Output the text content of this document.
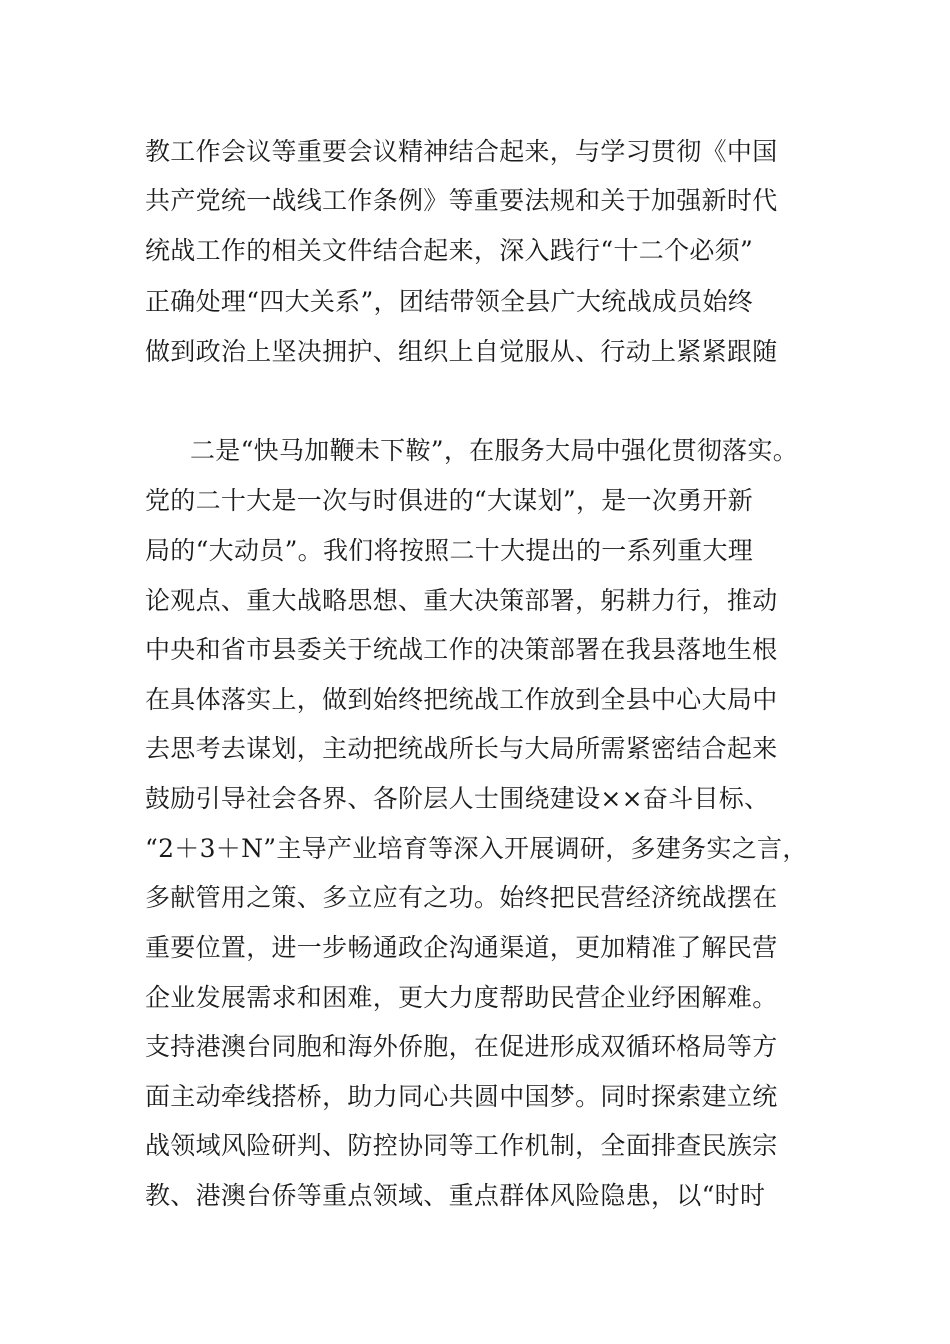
教工作会议等重要会议精神结合起来，与学习贯彻《中国
共产党统一战线工作条例》等重要法规和关于加强新时代
统战工作的相关文件结合起来，深入践行“十二个必须”
正确处理“四大关系”，团结带领全县广大统战成员始终
做到政治上坚决拥护、组织上自觉服从、行动上紧紧跟随
二是“快马加鞭未下鞍”，在服务大局中强化贯彻落实。
党的二十大是一次与时俱进的“大谋划”，是一次勇开新
局的“大动员”。我们将按照二十大提出的一系列重大理
论观点、重大战略思想、重大决策部署，躬耕力行，推动
中央和省市县委关于统战工作的决策部署在我县落地生根
在具体落实上，做到始终把统战工作放到全县中心大局中
去思考去谋划，主动把统战所长与大局所需紧密结合起来
鼓励引导社会各界、各阶层人士围绕建设××奋斗目标、
“2＋3＋N”主导产业培育等深入开展调研，多建务实之言，
多献管用之策、多立应有之功。始终把民营经济统战摆在
重要位置，进一步畅通政企沟通渠道，更加精准了解民营
企业发展需求和困难，更大力度帮助民营企业纾困解难。
支持港澳台同胞和海外侨胞，在促进形成双循环格局等方
面主动牵线搭桥，助力同心共圆中国梦。同时探索建立统
战领域风险研判、防控协同等工作机制，全面排查民族宗
教、港澳台侨等重点领域、重点群体风险隐患，以“时时
